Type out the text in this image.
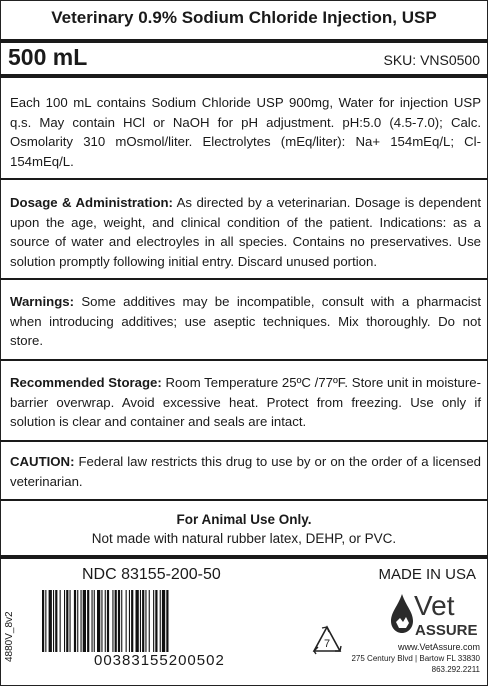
Veterinary 0.9% Sodium Chloride Injection, USP
500 mL	SKU: VNS0500
Each 100 mL contains Sodium Chloride USP 900mg, Water for injection USP q.s. May contain HCl or NaOH for pH adjustment. pH:5.0 (4.5-7.0); Calc. Osmolarity 310 mOsmol/liter. Electrolytes (mEq/liter): Na+ 154mEq/L; Cl- 154mEq/L.
Dosage & Administration: As directed by a veterinarian. Dosage is dependent upon the age, weight, and clinical condition of the patient. Indications: as a source of water and electroyles in all species. Contains no preservatives. Use solution promptly following initial entry. Discard unused portion.
Warnings: Some additives may be incompatible, consult with a pharmacist when introducing additives; use aseptic techniques. Mix thoroughly. Do not store.
Recommended Storage: Room Temperature 25ºC /77ºF. Store unit in moisture-barrier overwrap. Avoid excessive heat. Protect from freezing. Use only if solution is clear and container and seals are intact.
CAUTION: Federal law restricts this drug to use by or on the order of a licensed veterinarian.
For Animal Use Only.
Not made with natural rubber latex, DEHP, or PVC.
NDC 83155-200-50	MADE IN USA
4880V_8v2	00383155200502
7
Vet
ASSURE
www.VetAssure.com
275 Century Blvd | Bartow FL 33830
863.292.2211
